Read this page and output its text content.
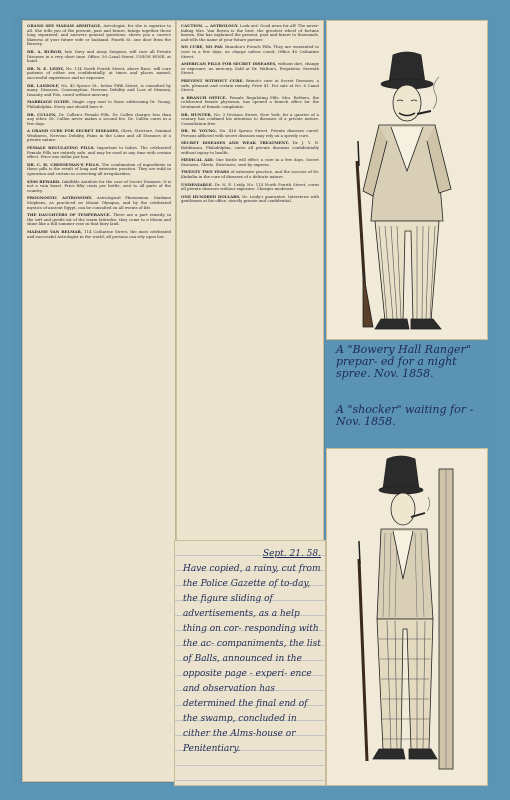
GRAND SEE MADAM ARMITAGE, Astrologist, for she is superior to all. She tells you of the present, past and future, brings together those long separated, and answers general questions; shows you a correct likeness of your future wife or husband. Fourth St. one door from the Bowery.

DR. A. BURGH, late Navy and Army Surgeon, will cure all Private Diseases in a very short time. Office, 50 Canal Street. UNION HOSE, at hand.

DR. N. E. LEIDY, No. 114 North Fourth Street, above Race, will cure patients of either sex confidentially, at times and places named, successful experience and no exposure.

DR. LANDOLF, No. 43 Spruce St., below Fifth Street, is consulted by many. Diseases, Consumption, Nervous Debility and Loss of Memory, Insanity and Fits, cured without mercury.

MARRIAGE GUIDE. Single copy sent to those addressing Dr. Young, Philadelphia. Every one should have it.

DR. CULLEN, Dr. Cullen's Female Pills, Dr. Cullen charges less than any other. Dr. Cullen never makes a second fee. Dr. Cullen cures in a few days.

A GRAND CURE FOR SECRET DISEASES, Gleet, Stricture, Seminal Weakness, Nervous Debility, Pains in the Loins and all Diseases of a private nature.

FEMALE REGULATING PILLS. Important to ladies. The celebrated Female Pills are entirely safe, and may be used at any time with certain effect. Price one dollar per box.

DR. C. H. CHEESEMAN'S PILLS. The combination of ingredients in these pills is the result of long and extensive practice. They are mild in operation and certain in correcting all irregularities.

$500 REWARD. Infallible Antidote for the cure of Secret Diseases. It is not a vain boast. Price fifty cents per bottle, sent to all parts of the country.

PROGNOSTIC ASTRONOMY. Astrological Phenomena. Madame Stephens, as practiced on Mount Olympus, and by the celebrated mystics of ancient Egypt, can be consulted on all events of life.

THE DAUGHTERS OF TEMPERANCE. There are a part remedy, in the soft and gentle air of the warm latitudes; they come to a bloom and shine like a full summer rose in that fairy land.

MADAME VAN BELMAR, 114 Catharine Street, the most celebrated and successful Astrologist in the world; all persons can rely upon her.

CAUTION. — ASTROLOGY. Look out! Good news for all! The never-failing Mrs. Van Boven is the best, the greatest wheel of fortune known. She has explained the present, past and future to thousands, and tells the name of your future partner.

NO CURE, NO PAY. Brandon's French Pills. They are warranted to cure in a few days; no charge unless cured. Office 40 Catharine Street.

AMERICAN PILLS FOR SECRET DISEASES, without diet, change or exposure; no mercury. Sold at Dr. Walton's, Proprietor, Seventh Street.

PREVENT WITHOUT CURE. Brinot's cure at Secret Diseases; a safe, pleasant and certain remedy. Price $1. For sale at No. 6 Canal Street.

A BRANCH OFFICE. Female Regulating Pills. Mrs. Rethers, the celebrated female physician, has opened a branch office for the treatment of female complaints.

DR. HUNTER, No. 3 Division Street, New York, for a quarter of a century has confined his attention to diseases of a private nature. Consultation free.

DR. W. YOUNG. No. 416 Spruce Street. Private diseases cured. Persons afflicted with secret diseases may rely on a speedy cure.

SECRET DISEASES AND WEAK TREATMENT. Dr. J. Y. N. Robbinson, Philadelphia, cures all private diseases confidentially without injury to health.

MEDICAL AID. One bottle will effect a cure in a few days. Secret Diseases, Gleets, Strictures, sent by express.

TWENTY TWO YEARS of extensive practice, and the success of Dr. Kinkelin in the cure of diseases of a delicate nature.

UNDENIABLE. Dr. N. E. Leidy, No. 114 North Fourth Street, cures all private diseases without exposure. Charges moderate.

ONE HUNDRED DOLLARS. Dr. Leidy's guarantee. Interviews with gentlemen at his office, strictly private and confidential.

A "Bowery Hall Ranger" prepar- ed for a night spree. Nov. 1858.
A "shocker" waiting for - Nov. 1858.
Sept. 21. 58.
Have copied, a rainy, cut from the Police Gazette of to-day, the figure sliding of advertisements, as a help thing on cor- responding with the ac- companiments, the list of Balls, announced in the opposite page - experi- ence and observation has determined the final end of the swamp, concluded in cither the Alms-house or Penitentiary.
